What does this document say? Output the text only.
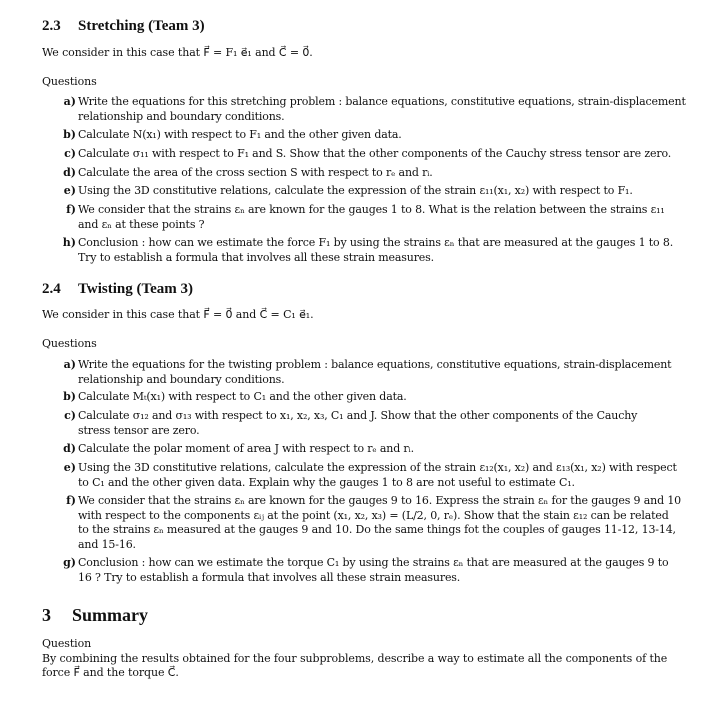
2.3 Stretching (Team 3)
We consider in this case that F⃗ = F₁ e⃗₁ and C⃗ = 0⃗.
Questions
a) Write the equations for this stretching problem : balance equations, constitutive equations, strain-displacement
relationship and boundary conditions.
b) Calculate N(x₁) with respect to F₁ and the other given data.
c) Calculate σ₁₁ with respect to F₁ and S. Show that the other components of the Cauchy stress tensor are zero.
d) Calculate the area of the cross section S with respect to rₑ and rᵢ.
e) Using the 3D constitutive relations, calculate the expression of the strain ε₁₁(x₁, x₂) with respect to F₁.
f) We consider that the strains εₙ are known for the gauges 1 to 8. What is the relation between the strains ε₁₁
and εₙ at these points ?
h) Conclusion : how can we estimate the force F₁ by using the strains εₙ that are measured at the gauges 1 to 8.
Try to establish a formula that involves all these strain measures.
2.4 Twisting (Team 3)
We consider in this case that F⃗ = 0⃗ and C⃗ = C₁ e⃗₁.
Questions
a) Write the equations for the twisting problem : balance equations, constitutive equations, strain-displacement
relationship and boundary conditions.
b) Calculate Mₜ(x₁) with respect to C₁ and the other given data.
c) Calculate σ₁₂ and σ₁₃ with respect to x₁, x₂, x₃, C₁ and J. Show that the other components of the Cauchy
stress tensor are zero.
d) Calculate the polar moment of area J with respect to rₑ and rᵢ.
e) Using the 3D constitutive relations, calculate the expression of the strain ε₁₂(x₁, x₂) and ε₁₃(x₁, x₂) with respect
to C₁ and the other given data. Explain why the gauges 1 to 8 are not useful to estimate C₁.
f) We consider that the strains εₙ are known for the gauges 9 to 16. Express the strain εₙ for the gauges 9 and 10
with respect to the components εᵢⱼ at the point (x₁, x₂, x₃) = (L/2, 0, rₑ). Show that the stain ε₁₂ can be related
to the strains εₙ measured at the gauges 9 and 10. Do the same things fot the couples of gauges 11-12, 13-14,
and 15-16.
g) Conclusion : how can we estimate the torque C₁ by using the strains εₙ that are measured at the gauges 9 to
16 ? Try to establish a formula that involves all these strain measures.
3 Summary
Question
By combining the results obtained for the four subproblems, describe a way to estimate all the components of the
force F⃗ and the torque C⃗.
